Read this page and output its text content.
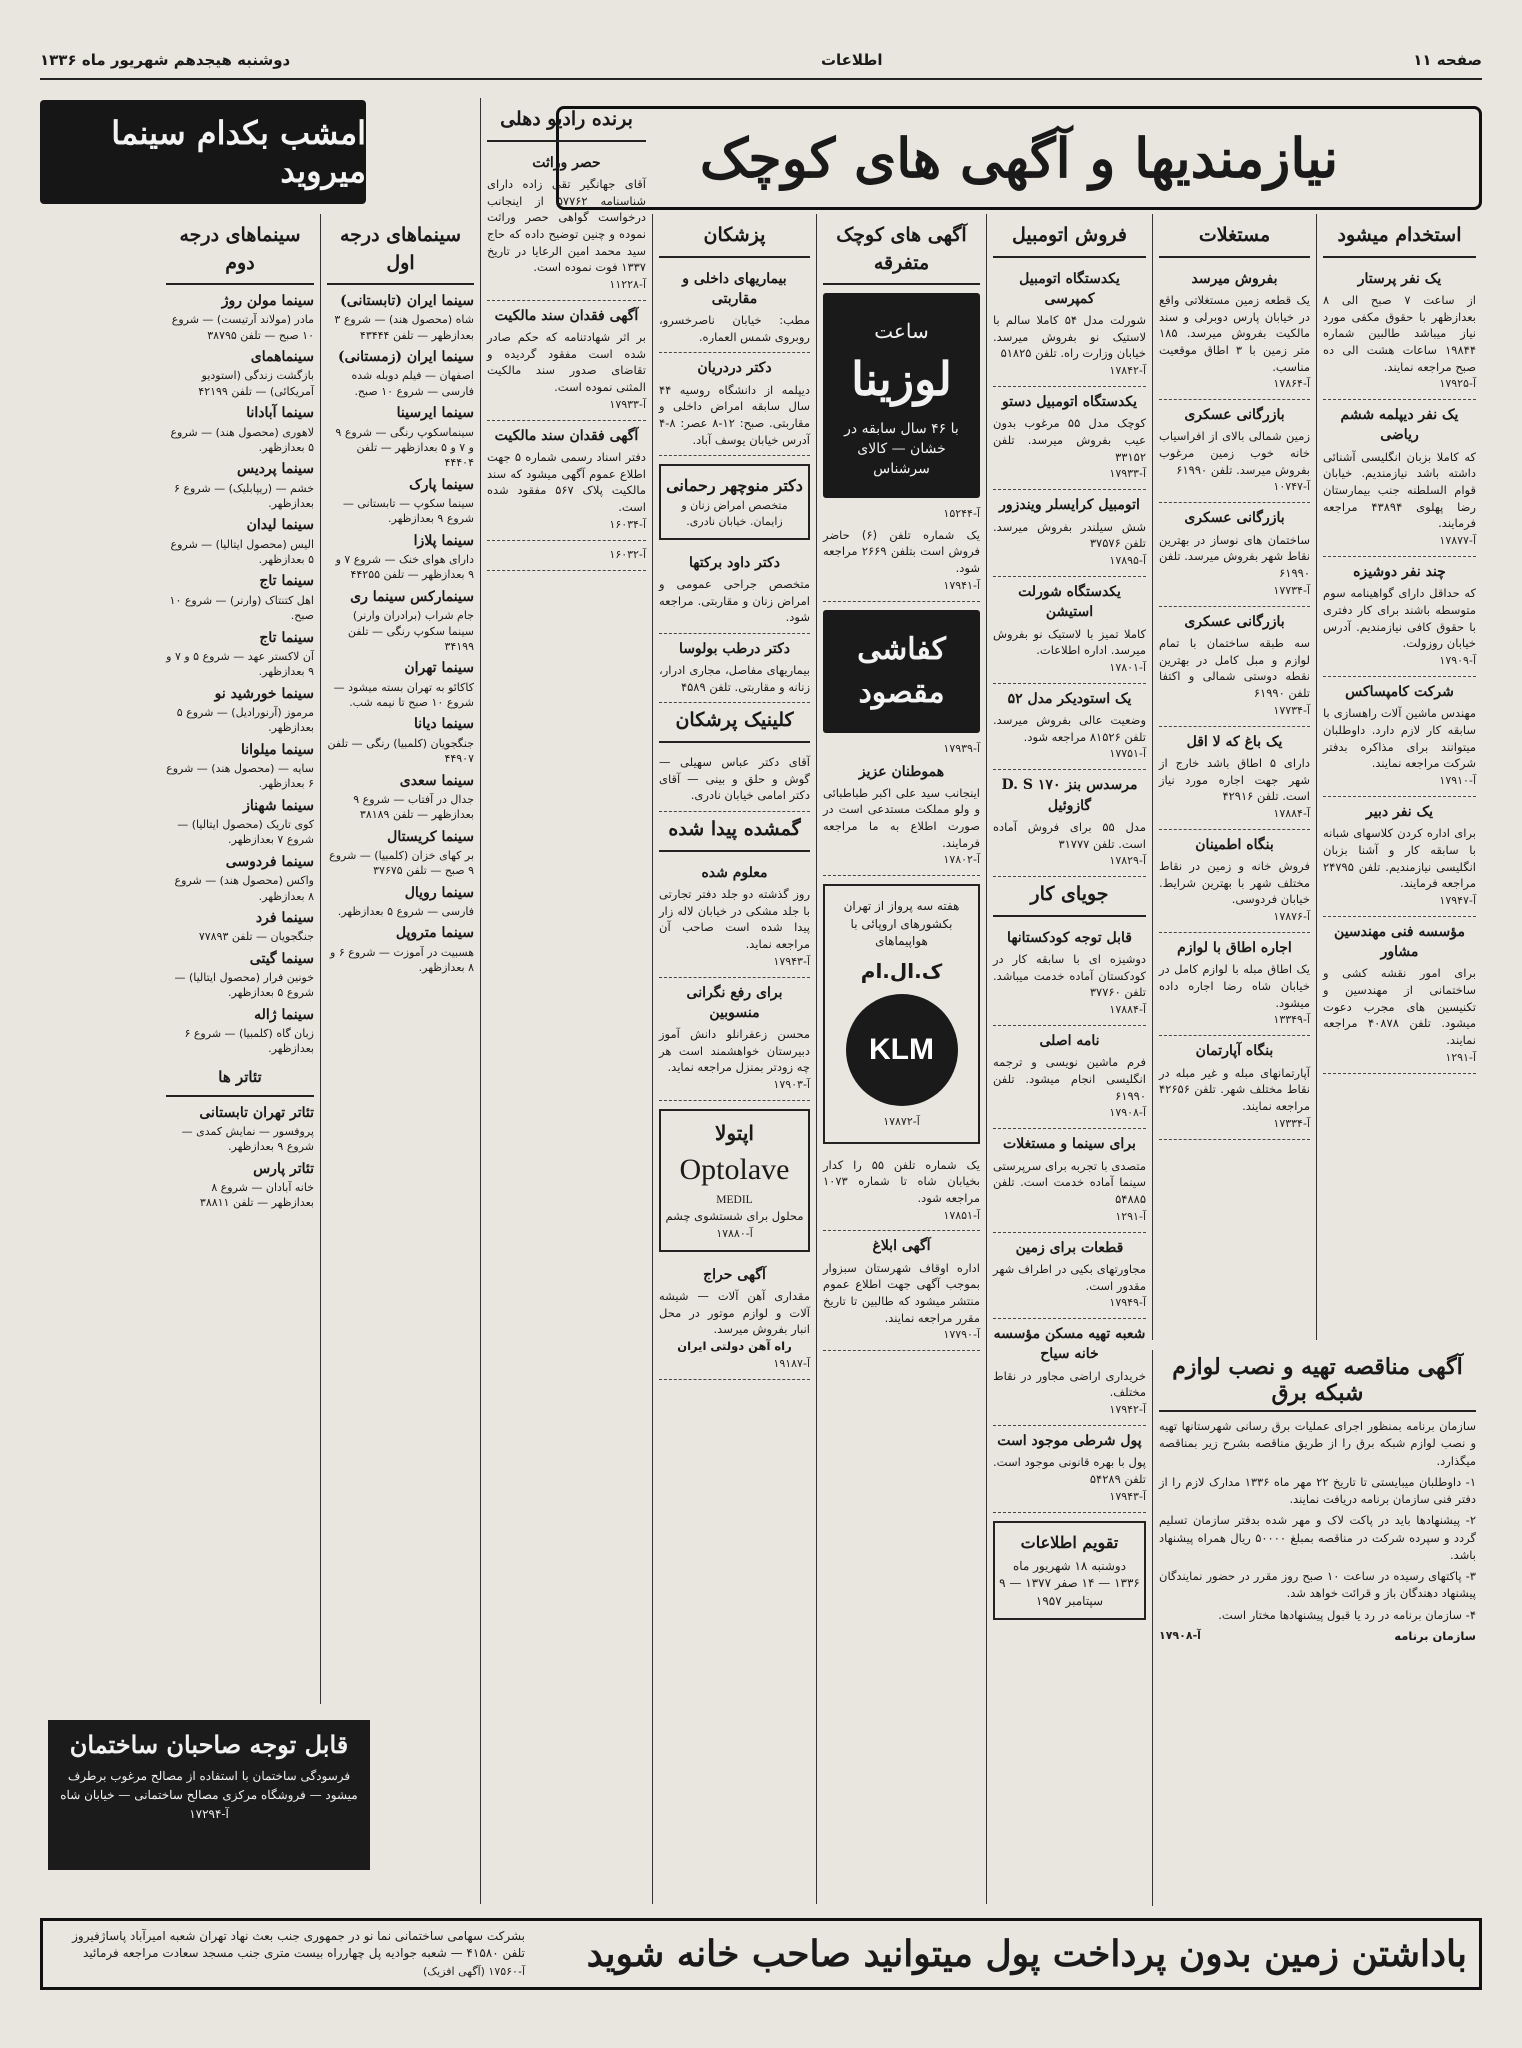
صفحه ۱۱
اطلاعات
دوشنبه هیجدهم شهریور ماه ۱۳۳۶
نیازمندیها و آگهی های کوچک
امشب بکدام سینما میروید
استخدام میشود
یک نفر پرستار

از ساعت ۷ صبح الی ۸ بعدازظهر با حقوق مکفی مورد نیاز میباشد طالبین شماره ۱۹۸۴۴ ساعات هشت الی ده صبح مراجعه نمایند.

آ-۱۷۹۲۵
یک نفر دیپلمه ششم ریاضی

که کاملا بزبان انگلیسی آشنائی داشته باشد نیازمندیم. خیابان قوام السلطنه جنب بیمارستان رضا پهلوی ۴۳۸۹۴ مراجعه فرمایند.

آ-۱۷۸۷۷
چند نفر دوشیزه

که حداقل دارای گواهینامه سوم متوسطه باشند برای کار دفتری با حقوق کافی نیازمندیم. آدرس خیابان روزولت.

آ-۱۷۹۰۹
شرکت کامپساکس

مهندس ماشین آلات راهسازی با سابقه کار لازم دارد. داوطلبان میتوانند برای مذاکره بدفتر شرکت مراجعه نمایند.

آ-۱۷۹۱۰
یک نفر دبیر

برای اداره کردن کلاسهای شبانه با سابقه کار و آشنا بزبان انگلیسی نیازمندیم. تلفن ۲۴۷۹۵ مراجعه فرمایند.

آ-۱۷۹۴۷
مؤسسه فنی مهندسین مشاور

برای امور نقشه کشی و ساختمانی از مهندسین و تکنیسین های مجرب دعوت میشود. تلفن ۴۰۸۷۸ مراجعه نمایند.

آ-۱۲۹۱
مستغلات
بفروش میرسد

یک قطعه زمین مستغلاتی واقع در خیابان پارس دوبرلی و سند مالکیت بفروش میرسد. ۱۸۵ متر زمین با ۳ اطاق موقعیت مناسب.

آ-۱۷۸۶۴
بازرگانی عسکری

زمین شمالی بالای از افراسیاب خانه خوب زمین مرغوب بفروش میرسد. تلفن ۶۱۹۹۰

آ-۱۰۷۴۷
بازرگانی عسکری

ساختمان های نوساز در بهترین نقاط شهر بفروش میرسد. تلفن ۶۱۹۹۰

آ-۱۷۷۳۴
بازرگانی عسکری

سه طبقه ساختمان با تمام لوازم و مبل کامل در بهترین نقطه دوستی شمالی و اکتفا تلفن ۶۱۹۹۰

آ-۱۷۷۳۴
یک باغ که لا اقل

دارای ۵ اطاق باشد خارج از شهر جهت اجاره مورد نیاز است. تلفن ۴۲۹۱۶

آ-۱۷۸۸۴
بنگاه اطمینان

فروش خانه و زمین در نقاط مختلف شهر با بهترین شرایط. خیابان فردوسی.

آ-۱۷۸۷۶
اجاره اطاق با لوازم

یک اطاق مبله با لوازم کامل در خیابان شاه رضا اجاره داده میشود.

آ-۱۳۳۴۹
بنگاه آپارتمان

آپارتمانهای مبله و غیر مبله در نقاط مختلف شهر. تلفن ۴۲۶۵۶ مراجعه نمایند.

آ-۱۷۳۳۴
فروش اتومبیل
یکدستگاه اتومبیل کمپرسی

شورلت مدل ۵۴ کاملا سالم با لاستیک نو بفروش میرسد. خیابان وزارت راه. تلفن ۵۱۸۲۵

آ-۱۷۸۴۲
یکدستگاه اتومبیل دستو

کوچک مدل ۵۵ مرغوب بدون عیب بفروش میرسد. تلفن ۳۳۱۵۲

آ-۱۷۹۳۳
اتومبیل کرایسلر ویندزور

شش سیلندر بفروش میرسد. تلفن ۳۷۵۷۶

آ-۱۷۸۹۵
یکدستگاه شورلت استیشن

کاملا تمیز با لاستیک نو بفروش میرسد. اداره اطلاعات.

آ-۱۷۸۰۱
یک استودیکر مدل ۵۲

وضعیت عالی بفروش میرسد. تلفن ۸۱۵۲۶ مراجعه شود.

آ-۱۷۷۵۱
مرسدس بنز ۱۷۰ D. S گازوئیل

مدل ۵۵ برای فروش آماده است. تلفن ۳۱۷۷۷

آ-۱۷۸۲۹
جویای کار
قابل توجه کودکستانها

دوشیزه ای با سابقه کار در کودکستان آماده خدمت میباشد. تلفن ۳۷۷۶۰

آ-۱۷۸۸۴
نامه اصلی

فرم ماشین نویسی و ترجمه انگلیسی انجام میشود. تلفن ۶۱۹۹۰

آ-۱۷۹۰۸
برای سینما و مستغلات

متصدی با تجربه برای سرپرستی سینما آماده خدمت است. تلفن ۵۴۸۸۵

آ-۱۲۹۱
قطعات برای زمین

مجاورتهای بکیی در اطراف شهر مقدور است.

آ-۱۷۹۴۹
شعبه تهیه مسکن مؤسسه خانه سیاح

خریداری اراضی مجاور در نقاط مختلف.

آ-۱۷۹۴۲
پول شرطی موجود است

پول با بهره قانونی موجود است. تلفن ۵۴۲۸۹

آ-۱۷۹۴۳
تقویم اطلاعات
دوشنبه ۱۸ شهریور ماه ۱۳۳۶ — ۱۴ صفر ۱۳۷۷ — ۹ سپتامبر ۱۹۵۷
آگهی های کوچک متفرقه
ساعت
لوزینا
با ۴۶ سال سابقه در خشان — کالای سرشناس
آ-۱۵۲۴۴

یک شماره تلفن (۶) حاضر فروش است بتلفن ۲۶۶۹ مراجعه شود.

آ-۱۷۹۴۱
کفاشی مقصود
آ-۱۷۹۳۹
هموطنان عزیز

اینجانب سید علی اکبر طباطبائی و ولو مملکت مستدعی است در صورت اطلاع به ما مراجعه فرمایند.

آ-۱۷۸۰۲
هفته سه پرواز از تهران بکشورهای اروپائی با هواپیماهای
ک.ال.ام
KLM
آ-۱۷۸۷۲

یک شماره تلفن ۵۵ را کدار بخیابان شاه تا شماره ۱۰۷۳ مراجعه شود.

آ-۱۷۸۵۱
آگهی ابلاغ

اداره اوقاف شهرستان سبزوار بموجب آگهی جهت اطلاع عموم منتشر میشود که طالبین تا تاریخ مقرر مراجعه نمایند.

آ-۱۷۷۹۰
پزشکان
بیماریهای داخلی و مقاربتی

مطب: خیابان ناصرخسرو، روبروی شمس العماره.

دکتر دردریان

دیپلمه از دانشگاه روسیه ۴۴ سال سابقه امراض داخلی و مقاربتی. صبح: ۱۲-۸ عصر: ۸-۴ آدرس خیابان یوسف آباد.

دکتر منوچهر رحمانی
متخصص امراض زنان و زایمان. خیابان نادری.
دکتر داود برکتها

متخصص جراحی عمومی و امراض زنان و مقاربتی. مراجعه شود.

دکتر درطب بولوسا

بیماریهای مفاصل، مجاری ادرار، زنانه و مقاربتی. تلفن ۴۵۸۹

کلینیک پرشکان

آقای دکتر عباس سهیلی — گوش و حلق و بینی — آقای دکتر امامی خیابان نادری.

گمشده پیدا شده
معلوم شده

روز گذشته دو جلد دفتر تجارتی با جلد مشکی در خیابان لاله زار پیدا شده است صاحب آن مراجعه نماید.

آ-۱۷۹۴۳
برای رفع نگرانی منسوبین

محسن زعفرانلو دانش آموز دبیرستان خواهشمند است هر چه زودتر بمنزل مراجعه نماید.

آ-۱۷۹۰۳
اپتولا
Optolave
MEDIL
محلول برای شستشوی چشم
آ-۱۷۸۸۰
آگهی حراج

مقداری آهن آلات — شیشه آلات و لوازم موتور در محل انبار بفروش میرسد.

راه آهن دولتی ایران

آ-۱۹۱۸۷
برنده رادیو دهلی
حصر وراثت

آقای جهانگیر تقی زاده دارای شناسنامه ۵۷۷۶۲ از اینجانب درخواست گواهی حصر وراثت نموده و چنین توضیح داده که حاج سید محمد امین الرعایا در تاریخ ۱۳۳۷ فوت نموده است.

آ-۱۱۲۲۸
آگهی فقدان سند مالکیت

بر اثر شهادتنامه که حکم صادر شده است مفقود گردیده و تقاضای صدور سند مالکیت المثنی نموده است.

آ-۱۷۹۳۳
آگهی فقدان سند مالکیت

دفتر اسناد رسمی شماره ۵ جهت اطلاع عموم آگهی میشود که سند مالکیت پلاک ۵۶۷ مفقود شده است.

آ-۱۶۰۳۴
آ-۱۶۰۳۲
سینماهای درجه اول
سینما ایران (تابستانی)

شاه (محصول هند) — شروع ۳ بعدازظهر — تلفن ۴۳۴۴۴

سینما ایران (زمستانی)

اصفهان — فیلم دوبله شده فارسی — شروع ۱۰ صبح.

سینما ایرسینا

سینماسکوپ رنگی — شروع ۹ و ۷ و ۵ بعدازظهر — تلفن ۴۴۴۰۴

سینما پارک

سینما سکوپ — تابستانی — شروع ۹ بعدازظهر.

سینما پلازا

دارای هوای خنک — شروع ۷ و ۹ بعدازظهر — تلفن ۴۴۲۵۵

سینمارکس سینما ری

جام شراب (برادران وارنر) سینما سکوپ رنگی — تلفن ۳۴۱۹۹

سینما تهران

کاکائو به تهران بسته میشود — شروع ۱۰ صبح تا نیمه شب.

سینما دیانا

جنگجویان (کلمبیا) رنگی — تلفن ۴۴۹۰۷

سینما سعدی

جدال در آفتاب — شروع ۹ بعدازظهر — تلفن ۳۸۱۸۹

سینما کریستال

بر کهای خزان (کلمبیا) — شروع ۹ صبح — تلفن ۳۷۶۷۵

سینما رویال

فارسی — شروع ۵ بعدازظهر.

سینما متروپل

هسبیت در آموزت — شروع ۶ و ۸ بعدازظهر.

سینماهای درجه دوم
سینما مولن روژ

مادر (مولاند آرتیست) — شروع ۱۰ صبح — تلفن ۳۸۷۹۵

سینماهمای

بازگشت زندگی (استودیو آمریکائی) — تلفن ۴۲۱۹۹

سینما آبادانا

لاهوری (محصول هند) — شروع ۵ بعدازظهر.

سینما پردیس

خشم — (ریپابلیک) — شروع ۶ بعدازظهر.

سینما لیدان

الیس (محصول ایتالیا) — شروع ۵ بعدازظهر.

سینما تاج

اهل کتنتاک (وارنر) — شروع ۱۰ صبح.

سینما تاج

آن لاکستر عهد — شروع ۵ و ۷ و ۹ بعدازظهر.

سینما خورشید نو

مرموز (آرنورادیل) — شروع ۵ بعدازظهر.

سینما میلوانا

سایه — (محصول هند) — شروع ۶ بعدازظهر.

سینما شهناز

کوی تاریک (محصول ایتالیا) — شروع ۷ بعدازظهر.

سینما فردوسی

واکس (محصول هند) — شروع ۸ بعدازظهر.

سینما فرد

جنگجویان — تلفن ۷۷۸۹۳

سینما گیتی

خونین فرار (محصول ایتالیا) — شروع ۵ بعدازظهر.

سینما ژاله

زبان گاه (کلمبیا) — شروع ۶ بعدازظهر.

تئاتر ها
تئاتر تهران تابستانی

پروفسور — نمایش کمدی — شروع ۹ بعدازظهر.

تئاتر پارس

خانه آبادان — شروع ۸ بعدازظهر — تلفن ۳۸۸۱۱

قابل توجه صاحبان ساختمان
فرسودگی ساختمان با استفاده از مصالح مرغوب برطرف میشود — فروشگاه مرکزی مصالح ساختمانی — خیابان شاه
آ-۱۷۲۹۴
آگهی مناقصه تهیه و نصب لوازم شبکه برق

سازمان برنامه بمنظور اجرای عملیات برق رسانی شهرستانها تهیه و نصب لوازم شبکه برق را از طریق مناقصه بشرح زیر بمناقصه میگذارد.

۱- داوطلبان میبایستی تا تاریخ ۲۲ مهر ماه ۱۳۳۶ مدارک لازم را از دفتر فنی سازمان برنامه دریافت نمایند.

۲- پیشنهادها باید در پاکت لاک و مهر شده بدفتر سازمان تسلیم گردد و سپرده شرکت در مناقصه بمبلغ ۵۰۰۰۰ ریال همراه پیشنهاد باشد.

۳- پاکتهای رسیده در ساعت ۱۰ صبح روز مقرر در حضور نمایندگان پیشنهاد دهندگان باز و قرائت خواهد شد.

۴- سازمان برنامه در رد یا قبول پیشنهادها مختار است.

سازمان برنامه
آ-۱۷۹۰۸

باداشتن زمین بدون پرداخت پول میتوانید صاحب خانه شوید
بشرکت سهامی ساختمانی نما نو در جمهوری جنب بعث نهاد تهران شعبه امیرآباد پاساژفیروز تلفن ۴۱۵۸۰ — شعبه جوادیه پل چهارراه بیست متری جنب مسجد سعادت مراجعه فرمائید
آ-۱۷۵۶۰ (آگهی افزیک)
